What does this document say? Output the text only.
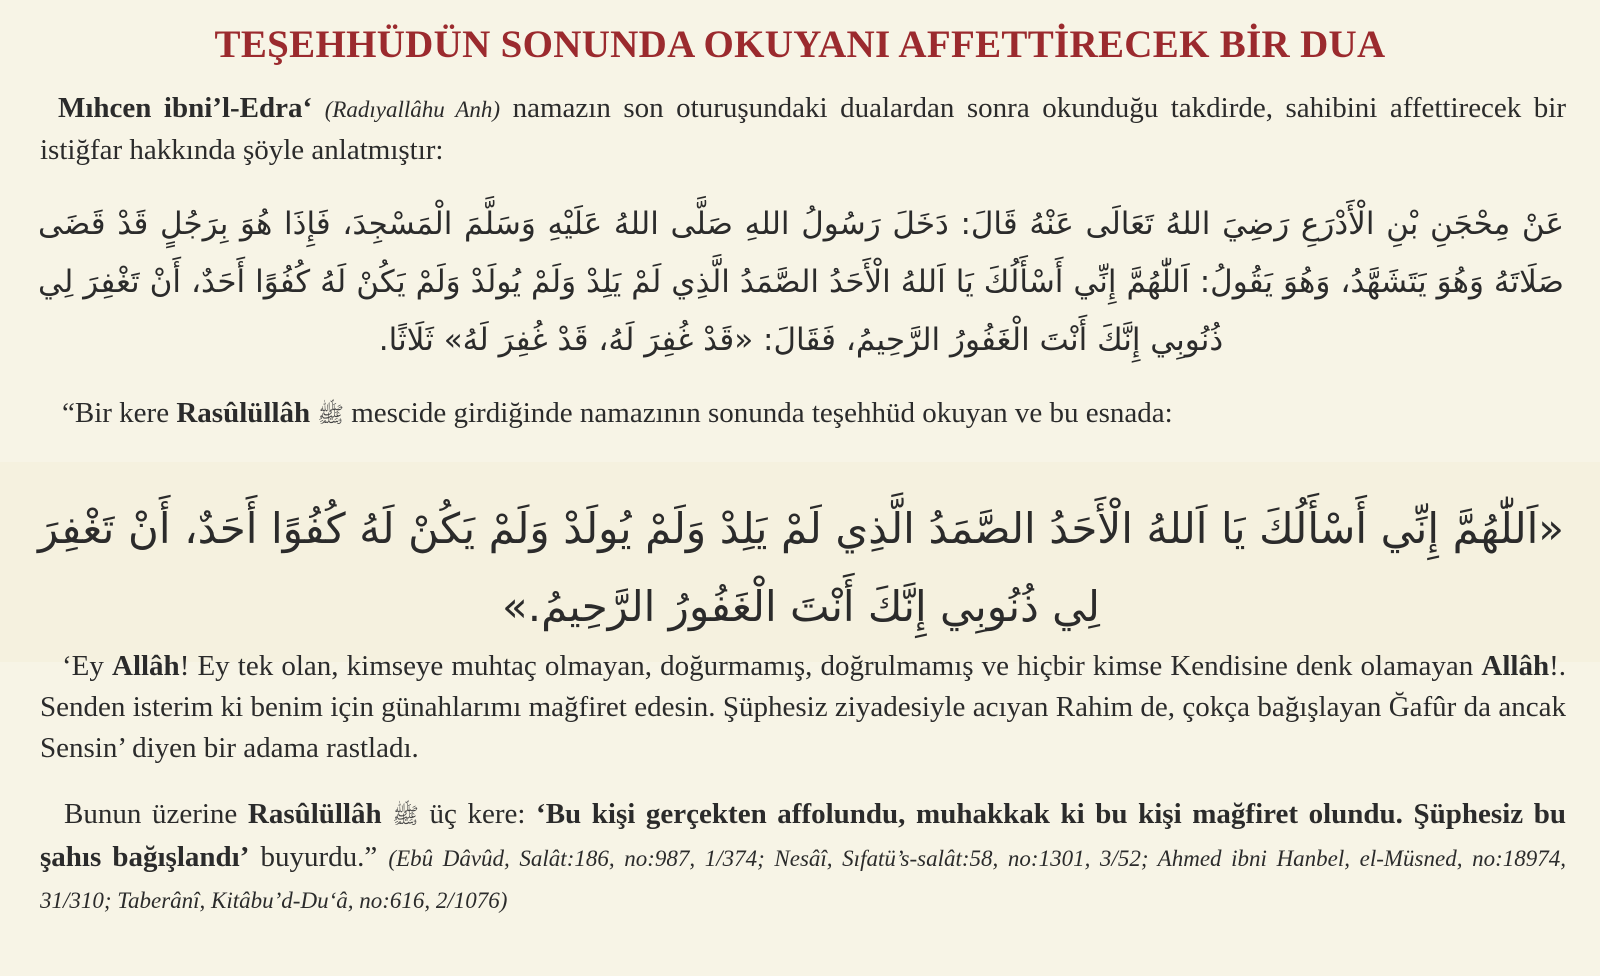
TEŞEHHÜDÜN SONUNDA OKUYANI AFFETTİRECEK BİR DUA
Mıhcen ibni’l-Edra‘ (Radıyallâhu Anh) namazın son oturuşundaki dualardan sonra okunduğu takdirde, sahibini affettirecek bir istiğfar hakkında şöyle anlatmıştır:
عَنْ مِحْجَنِ بْنِ الْأَدْرَعِ رَضِيَ اللهُ تَعَالَى عَنْهُ قَالَ: دَخَلَ رَسُولُ اللهِ صَلَّى اللهُ عَلَيْهِ وَسَلَّمَ الْمَسْجِدَ، فَإِذَا هُوَ بِرَجُلٍ قَدْ قَضَى صَلَاتَهُ وَهُوَ يَتَشَهَّدُ، وَهُوَ يَقُولُ: اَللّٰهُمَّ إِنِّي أَسْأَلُكَ يَا اَللهُ الْأَحَدُ الصَّمَدُ الَّذِي لَمْ يَلِدْ وَلَمْ يُولَدْ وَلَمْ يَكُنْ لَهُ كُفُوًا أَحَدٌ، أَنْ تَغْفِرَ لِي ذُنُوبِي إِنَّكَ أَنْتَ الْغَفُورُ الرَّحِيمُ، فَقَالَ: «قَدْ غُفِرَ لَهُ، قَدْ غُفِرَ لَهُ» ثَلَاثًا.
“Bir kere Rasûlüllâh ﷺ mescide girdiğinde namazının sonunda teşehhüd okuyan ve bu esnada:
«اَللّٰهُمَّ إِنِّي أَسْأَلُكَ يَا اَللهُ الْأَحَدُ الصَّمَدُ الَّذِي لَمْ يَلِدْ وَلَمْ يُولَدْ وَلَمْ يَكُنْ لَهُ كُفُوًا أَحَدٌ، أَنْ تَغْفِرَ لِي ذُنُوبِي إِنَّكَ أَنْتَ الْغَفُورُ الرَّحِيمُ.»
‘Ey Allâh! Ey tek olan, kimseye muhtaç olmayan, doğurmamış, doğrulmamış ve hiçbir kimse Kendisine denk olamayan Allâh!. Senden isterim ki benim için günahlarımı mağfiret edesin. Şüphesiz ziyadesiyle acıyan Rahim de, çokça bağışlayan Ğafûr da ancak Sensin’ diyen bir adama rastladı.
Bunun üzerine Rasûlüllâh ﷺ üç kere: ‘Bu kişi gerçekten affolundu, muhakkak ki bu kişi mağfiret olundu. Şüphesiz bu şahıs bağışlandı’ buyurdu.” (Ebû Dâvûd, Salât:186, no:987, 1/374; Nesâî, Sıfatü’s-salât:58, no:1301, 3/52; Ahmed ibni Hanbel, el-Müsned, no:18974, 31/310; Taberânî, Kitâbu’d-Du‘â, no:616, 2/1076)
